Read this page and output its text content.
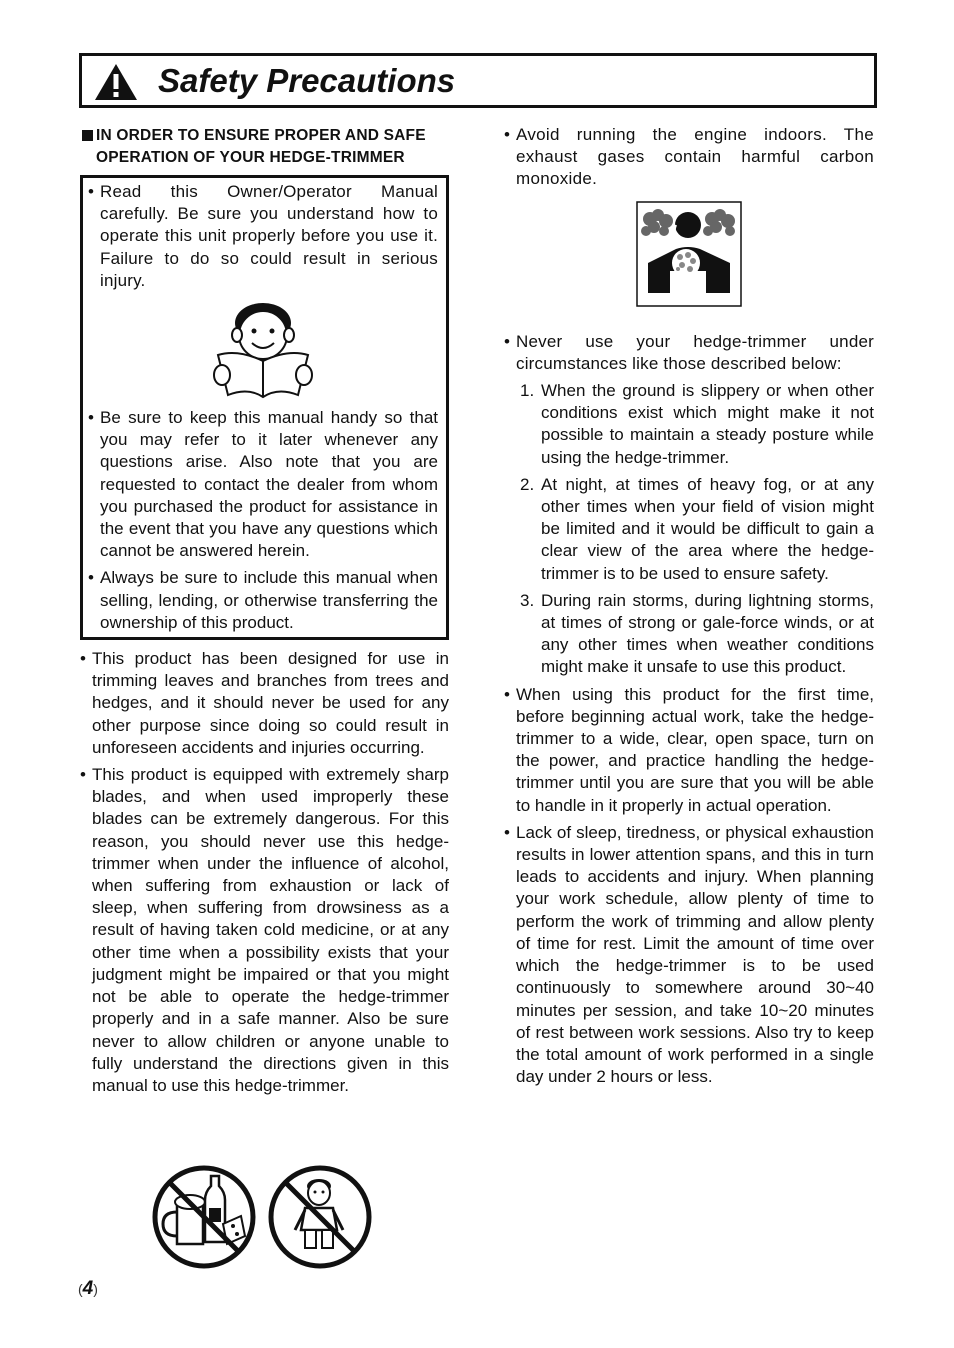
Safety Precautions
IN ORDER TO ENSURE PROPER AND SAFE OPERATION OF YOUR HEDGE-TRIMMER
• Read this Owner/Operator Manual carefully. Be sure you understand how to operate this unit properly before you use it. Failure to do so could result in serious injury.
• Be sure to keep this manual handy so that you may refer to it later whenever any questions arise. Also note that you are requested to contact the dealer from whom you purchased the product for assistance in the event that you have any questions which cannot be answered herein.
• Always be sure to include this manual when selling, lending, or otherwise transferring the ownership of this product.
• This product has been designed for use in trimming leaves and branches from trees and hedges, and it should never be used for any other purpose since doing so could result in unforeseen accidents and injuries occurring.
• This product is equipped with extremely sharp blades, and when used improperly these blades can be extremely dangerous. For this reason, you should never use this hedge-trimmer when under the influence of alcohol, when suffering from exhaustion or lack of sleep, when suffering from drowsiness as a result of having taken cold medicine, or at any other time when a possibility exists that your judgment might be impaired or that you might not be able to operate the hedge-trimmer properly and in a safe manner. Also be sure never to allow children or anyone unable to fully understand the directions given in this manual to use this hedge-trimmer.
• Avoid running the engine indoors. The exhaust gases contain harmful carbon monoxide.
• Never use your hedge-trimmer under circumstances like those described below:
1. When the ground is slippery or when other conditions exist which might make it not possible to maintain a steady posture while using the hedge-trimmer.
2. At night, at times of heavy fog, or at any other times when your field of vision might be limited and it would be difficult to gain a clear view of the area where the hedge-trimmer is to be used to ensure safety.
3. During rain storms, during lightning storms, at times of strong or gale-force winds, or at any other times when weather conditions might make it unsafe to use this product.
• When using this product for the first time, before beginning actual work, take the hedge-trimmer to a wide, clear, open space, turn on the power, and practice handling the hedge-trimmer until you are sure that you will be able to handle in it properly in actual operation.
• Lack of sleep, tiredness, or physical exhaustion results in lower attention spans, and this in turn leads to accidents and injury. When planning your work schedule, allow plenty of time to perform the work of trimming and allow plenty of time for rest. Limit the amount of time over which the hedge-trimmer is to be used continuously to somewhere around 30~40 minutes per session, and take 10~20 minutes of rest between work sessions. Also try to keep the total amount of work performed in a single day under 2 hours or less.
(4)
